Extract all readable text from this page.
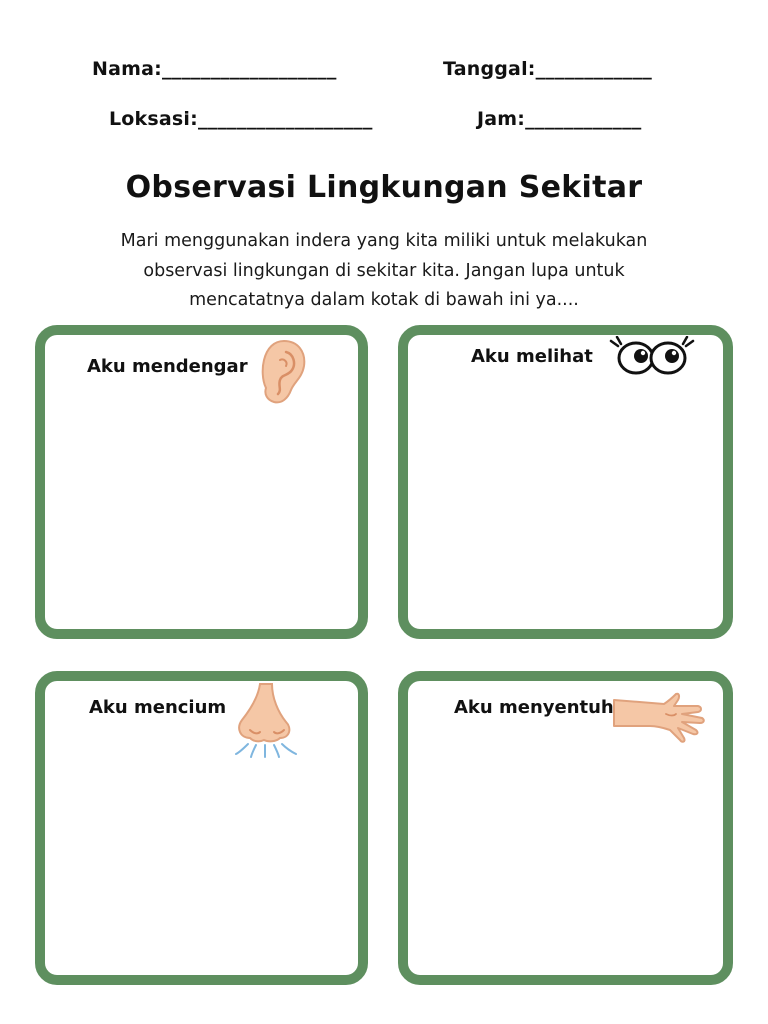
Nama:__________________	Tanggal:____________
Loksasi:__________________	Jam:____________
Observasi Lingkungan Sekitar
Mari menggunakan indera yang kita miliki untuk melakukan observasi lingkungan di sekitar kita. Jangan lupa untuk mencatatnya dalam kotak di bawah ini ya....
Aku mendengar	Aku melihat
Aku mencium	Aku menyentuh
